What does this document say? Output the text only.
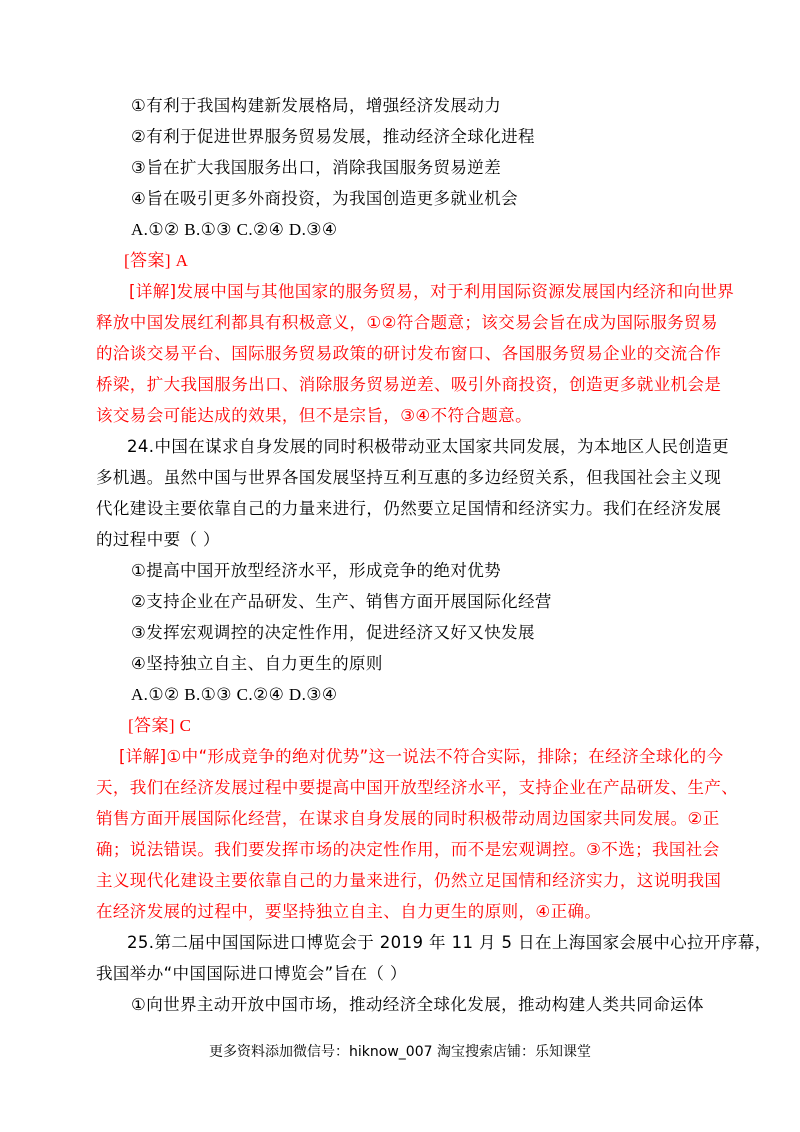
①有利于我国构建新发展格局，增强经济发展动力
②有利于促进世界服务贸易发展，推动经济全球化进程
③旨在扩大我国服务出口，消除我国服务贸易逆差
④旨在吸引更多外商投资，为我国创造更多就业机会
A.①② B.①③ C.②④ D.③④
[答案] A
[详解]发展中国与其他国家的服务贸易，对于利用国际资源发展国内经济和向世界
释放中国发展红利都具有积极意义，①②符合题意；该交易会旨在成为国际服务贸易
的洽谈交易平台、国际服务贸易政策的研讨发布窗口、各国服务贸易企业的交流合作
桥梁，扩大我国服务出口、消除服务贸易逆差、吸引外商投资，创造更多就业机会是
该交易会可能达成的效果，但不是宗旨，③④不符合题意。
24.中国在谋求自身发展的同时积极带动亚太国家共同发展，为本地区人民创造更
多机遇。虽然中国与世界各国发展坚持互利互惠的多边经贸关系，但我国社会主义现
代化建设主要依靠自己的力量来进行，仍然要立足国情和经济实力。我们在经济发展
的过程中要（ ）
①提高中国开放型经济水平，形成竞争的绝对优势
②支持企业在产品研发、生产、销售方面开展国际化经营
③发挥宏观调控的决定性作用，促进经济又好又快发展
④坚持独立自主、自力更生的原则
A.①② B.①③ C.②④ D.③④
[答案] C
[详解]①中“形成竞争的绝对优势”这一说法不符合实际，排除；在经济全球化的今
天，我们在经济发展过程中要提高中国开放型经济水平，支持企业在产品研发、生产、
销售方面开展国际化经营，在谋求自身发展的同时积极带动周边国家共同发展。②正
确；说法错误。我们要发挥市场的决定性作用，而不是宏观调控。③不选；我国社会
主义现代化建设主要依靠自己的力量来进行，仍然立足国情和经济实力，这说明我国
在经济发展的过程中，要坚持独立自主、自力更生的原则，④正确。
25.第二届中国国际进口博览会于 2019 年 11 月 5 日在上海国家会展中心拉开序幕，
我国举办“中国国际进口博览会”旨在（ ）
①向世界主动开放中国市场，推动经济全球化发展，推动构建人类共同命运体
更多资料添加微信号：hiknow_007 淘宝搜索店铺：乐知课堂
